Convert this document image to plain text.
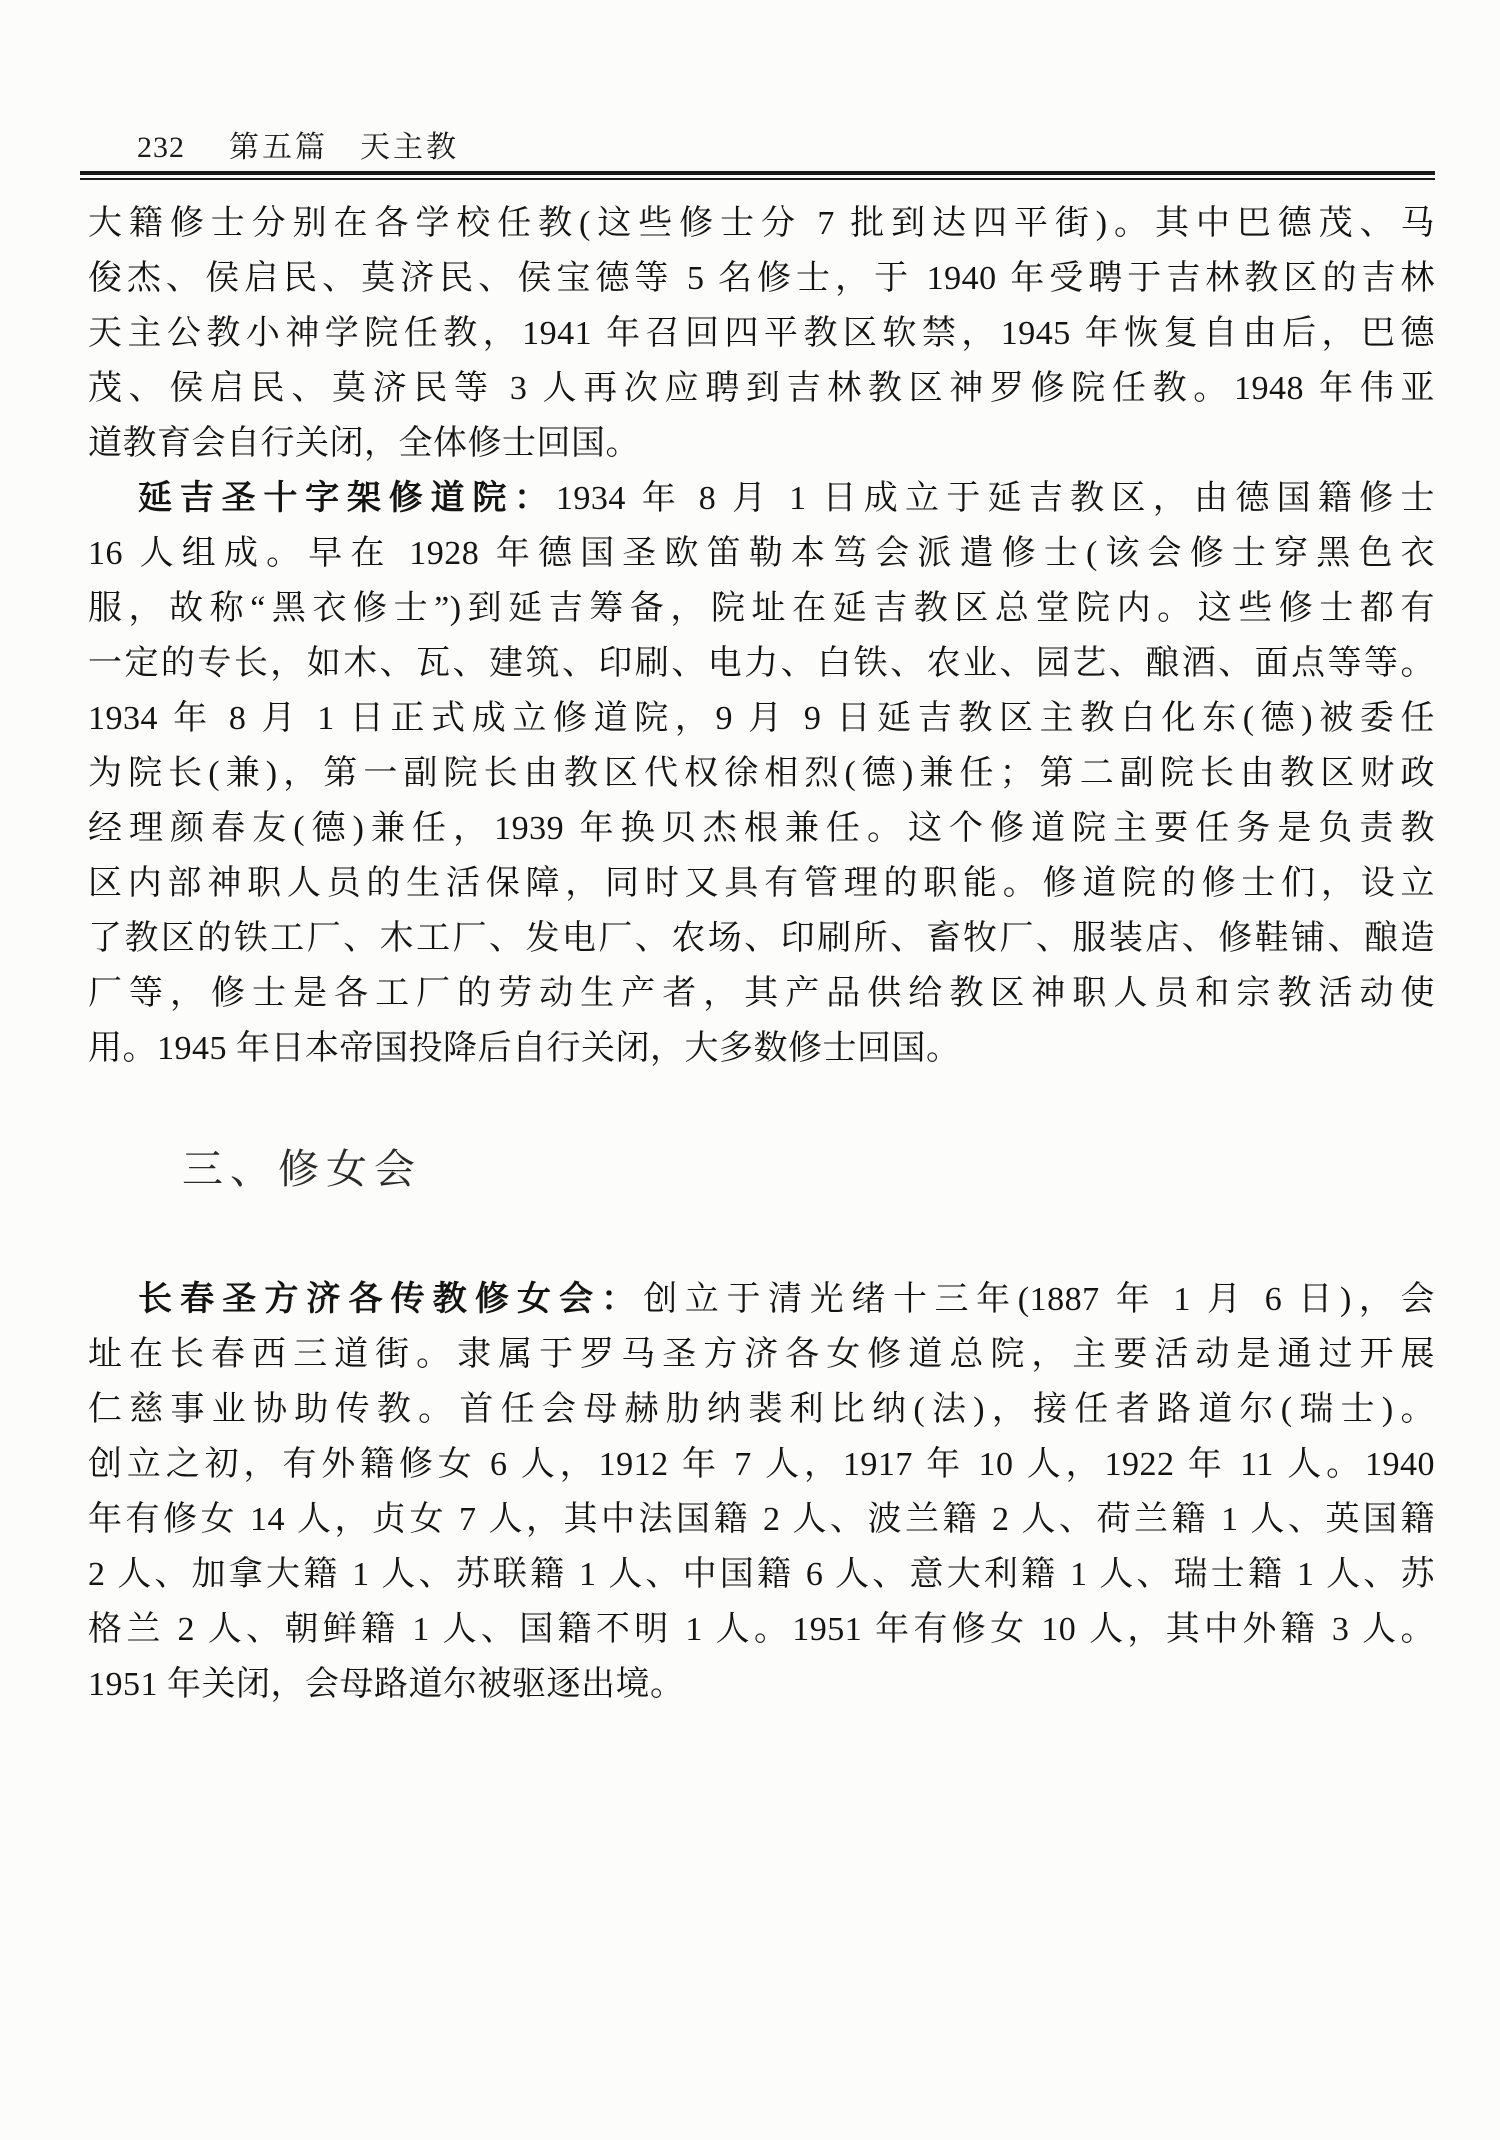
232 第五篇 天主教
大籍修士分别在各学校任教(这些修士分 7 批到达四平街)。其中巴德茂、马
俊杰、侯启民、莫济民、侯宝德等 5 名修士，于 1940 年受聘于吉林教区的吉林
天主公教小神学院任教，1941 年召回四平教区软禁，1945 年恢复自由后，巴德
茂、侯启民、莫济民等 3 人再次应聘到吉林教区神罗修院任教。1948 年伟亚
道教育会自行关闭，全体修士回国。
延吉圣十字架修道院：1934 年 8 月 1 日成立于延吉教区，由德国籍修士
16 人组成。早在 1928 年德国圣欧笛勒本笃会派遣修士(该会修士穿黑色衣
服，故称“黑衣修士”)到延吉筹备，院址在延吉教区总堂院内。这些修士都有
一定的专长，如木、瓦、建筑、印刷、电力、白铁、农业、园艺、酿酒、面点等等。
1934 年 8 月 1 日正式成立修道院，9 月 9 日延吉教区主教白化东(德)被委任
为院长(兼)，第一副院长由教区代权徐相烈(德)兼任；第二副院长由教区财政
经理颜春友(德)兼任，1939 年换贝杰根兼任。这个修道院主要任务是负责教
区内部神职人员的生活保障，同时又具有管理的职能。修道院的修士们，设立
了教区的铁工厂、木工厂、发电厂、农场、印刷所、畜牧厂、服装店、修鞋铺、酿造
厂等，修士是各工厂的劳动生产者，其产品供给教区神职人员和宗教活动使
用。1945 年日本帝国投降后自行关闭，大多数修士回国。
三、修女会
长春圣方济各传教修女会：创立于清光绪十三年(1887 年 1 月 6 日)，会
址在长春西三道街。隶属于罗马圣方济各女修道总院，主要活动是通过开展
仁慈事业协助传教。首任会母赫肋纳裴利比纳(法)，接任者路道尔(瑞士)。
创立之初，有外籍修女 6 人，1912 年 7 人，1917 年 10 人，1922 年 11 人。1940
年有修女 14 人，贞女 7 人，其中法国籍 2 人、波兰籍 2 人、荷兰籍 1 人、英国籍
2 人、加拿大籍 1 人、苏联籍 1 人、中国籍 6 人、意大利籍 1 人、瑞士籍 1 人、苏
格兰 2 人、朝鲜籍 1 人、国籍不明 1 人。1951 年有修女 10 人，其中外籍 3 人。
1951 年关闭，会母路道尔被驱逐出境。
